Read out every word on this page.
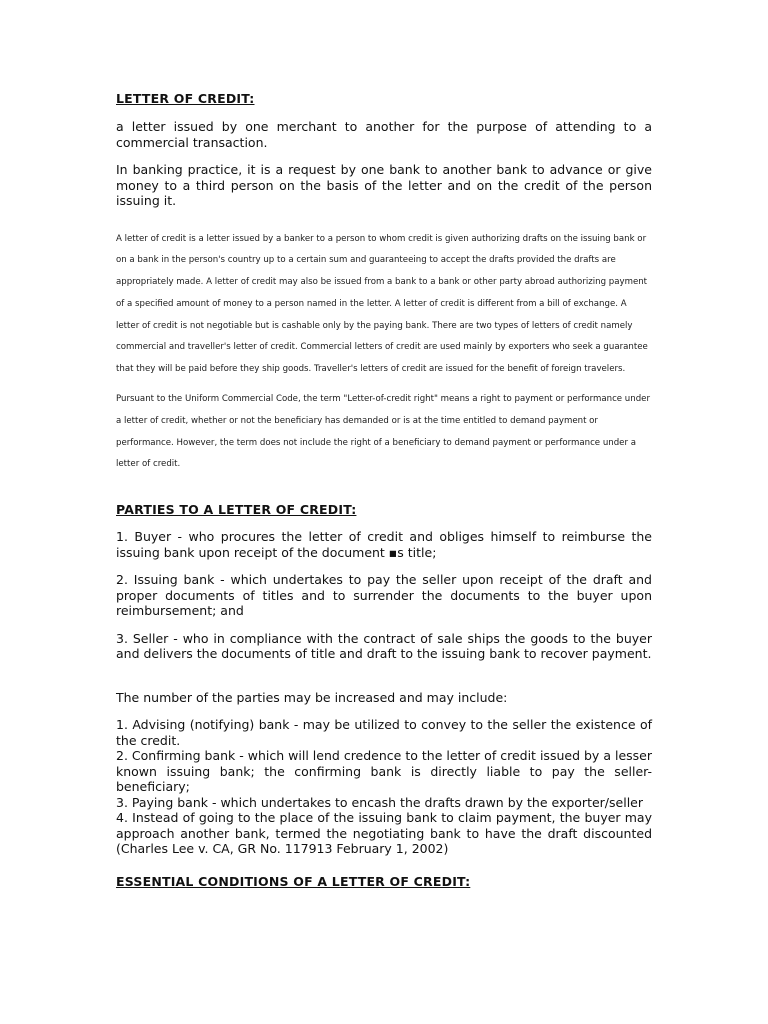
LETTER OF CREDIT:

a letter issued by one merchant to another for the purpose of attending to a commercial transaction.

In banking practice, it is a request by one bank to another bank to advance or give money to a third person on the basis of the letter and on the credit of the person issuing it.

A letter of credit is a letter issued by a banker to a person to whom credit is given authorizing drafts on the issuing bank or on a bank in the person's country up to a certain sum and guaranteeing to accept the drafts provided the drafts are appropriately made. A letter of credit may also be issued from a bank to a bank or other party abroad authorizing payment of a specified amount of money to a person named in the letter. A letter of credit is different from a bill of exchange. A letter of credit is not negotiable but is cashable only by the paying bank. There are two types of letters of credit namely commercial and traveller's letter of credit. Commercial letters of credit are used mainly by exporters who seek a guarantee that they will be paid before they ship goods. Traveller's letters of credit are issued for the benefit of foreign travelers.

Pursuant to the Uniform Commercial Code, the term "Letter-of-credit right" means a right to payment or performance under a letter of credit, whether or not the beneficiary has demanded or is at the time entitled to demand payment or performance. However, the term does not include the right of a beneficiary to demand payment or performance under a letter of credit.

PARTIES TO A LETTER OF CREDIT:

1. Buyer - who procures the letter of credit and obliges himself to reimburse the issuing bank upon receipt of the document ▪s title;

2. Issuing bank - which undertakes to pay the seller upon receipt of the draft and proper documents of titles and to surrender the documents to the buyer upon reimbursement; and

3. Seller - who in compliance with the contract of sale ships the goods to the buyer and delivers the documents of title and draft to the issuing bank to recover payment.

The number of the parties may be increased and may include:

1. Advising (notifying) bank - may be utilized to convey to the seller the existence of the credit.
2. Confirming bank - which will lend credence to the letter of credit issued by a lesser known issuing bank; the confirming bank is directly liable to pay the seller-beneficiary;
3. Paying bank - which undertakes to encash the drafts drawn by the exporter/seller
4. Instead of going to the place of the issuing bank to claim payment, the buyer may approach another bank, termed the negotiating bank to have the draft discounted (Charles Lee v. CA, GR No. 117913 February 1, 2002)
ESSENTIAL CONDITIONS OF A LETTER OF CREDIT:
